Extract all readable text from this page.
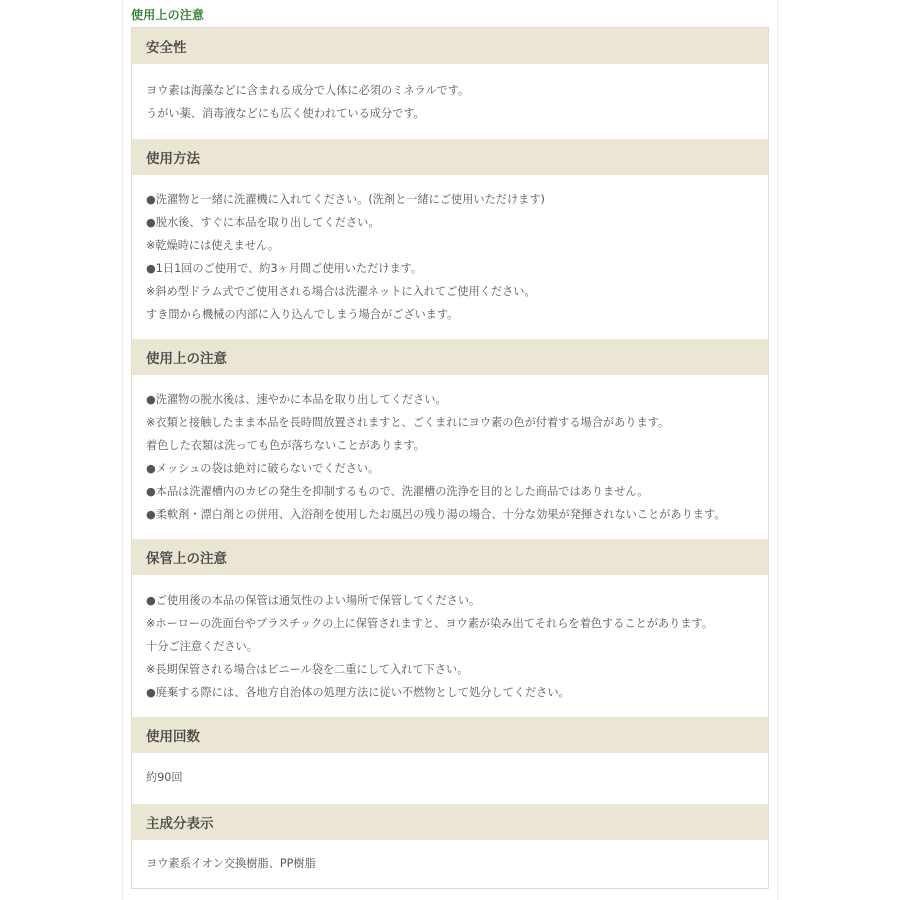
使用上の注意
安全性
ヨウ素は海藻などに含まれる成分で人体に必須のミネラルです。
うがい薬、消毒液などにも広く使われている成分です。
使用方法
●洗濯物と一緒に洗濯機に入れてください。(洗剤と一緒にご使用いただけます)
●脱水後、すぐに本品を取り出してください。
※乾燥時には使えません。
●1日1回のご使用で、約3ヶ月間ご使用いただけます。
※斜め型ドラム式でご使用される場合は洗濯ネットに入れてご使用ください。
すき間から機械の内部に入り込んでしまう場合がございます。
使用上の注意
●洗濯物の脱水後は、速やかに本品を取り出してください。
※衣類と接触したまま本品を長時間放置されますと、ごくまれにヨウ素の色が付着する場合があります。
着色した衣類は洗っても色が落ちないことがあります。
●メッシュの袋は絶対に破らないでください。
●本品は洗濯槽内のカビの発生を抑制するもので、洗濯槽の洗浄を目的とした商品ではありません。
●柔軟剤・漂白剤との併用、入浴剤を使用したお風呂の残り湯の場合、十分な効果が発揮されないことがあります。
保管上の注意
●ご使用後の本品の保管は通気性のよい場所で保管してください。
※ホーローの洗面台やプラスチックの上に保管されますと、ヨウ素が染み出てそれらを着色することがあります。
十分ご注意ください。
※長期保管される場合はビニール袋を二重にして入れて下さい。
●廃棄する際には、各地方自治体の処理方法に従い不燃物として処分してください。
使用回数
約90回
主成分表示
ヨウ素系イオン交換樹脂、PP樹脂
